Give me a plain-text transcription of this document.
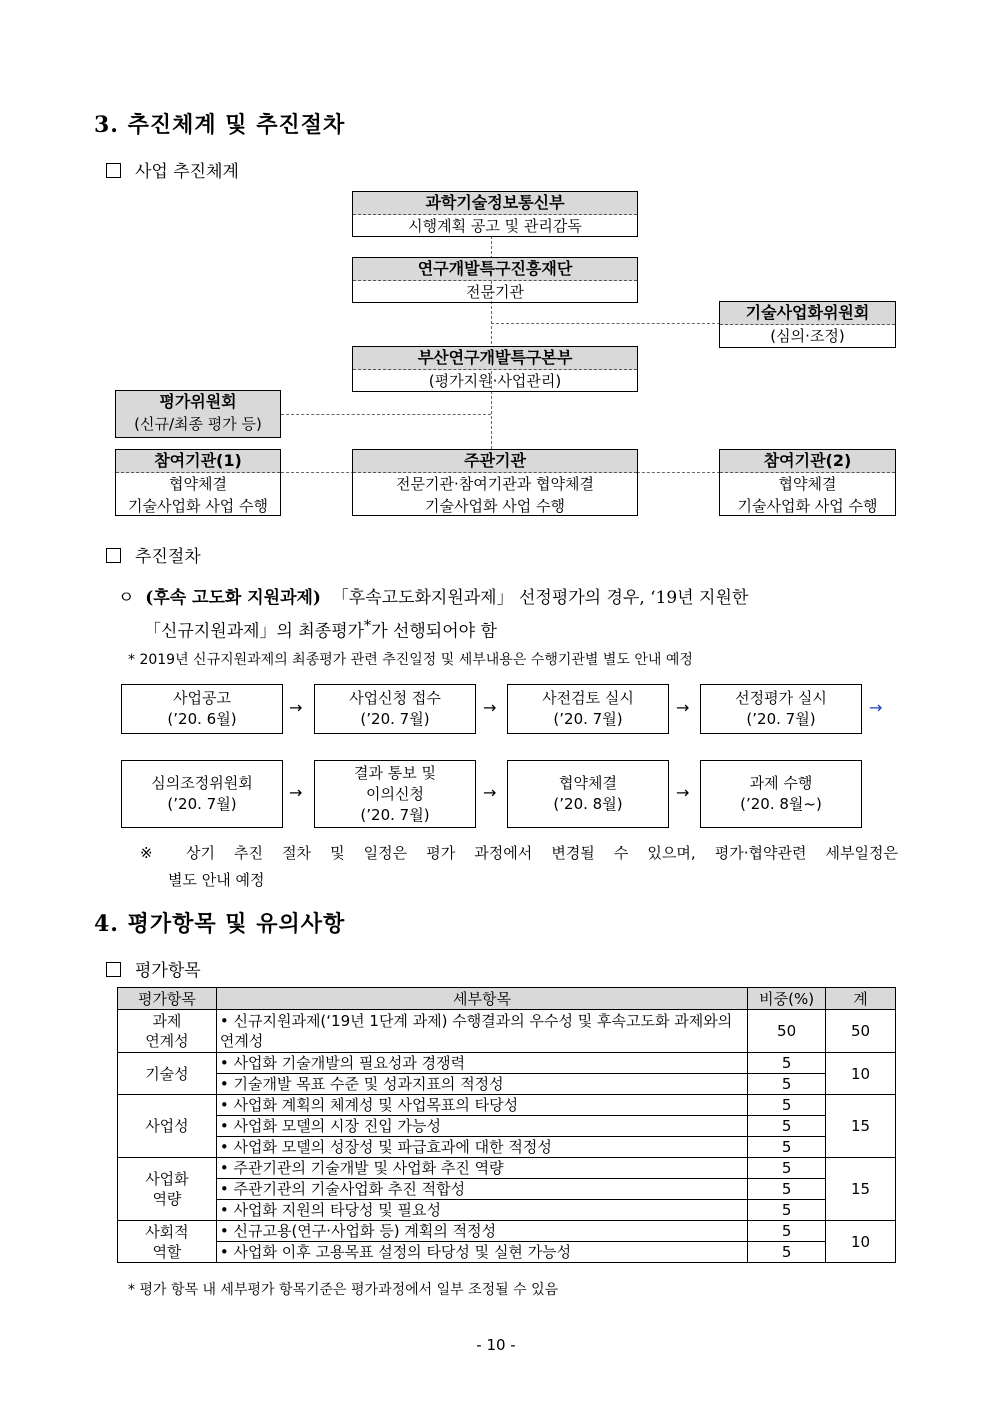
3. 추진체계 및 추진절차
사업 추진체계
과학기술정보통신부
시행계획 공고 및 관리감독
연구개발특구진흥재단
전문기관
기술사업화위원회
(심의·조정)
부산연구개발특구본부
(평가지원·사업관리)
평가위원회
(신규/최종 평가 등)
참여기관(1)
협약체결
기술사업화 사업 수행
주관기관
전문기관·참여기관과 협약체결
기술사업화 사업 수행
참여기관(2)
협약체결
기술사업화 사업 수행
추진절차
ㅇ (후속 고도화 지원과제) 「후속고도화지원과제」 선정평가의 경우, ‘19년 지원한
「신규지원과제」의 최종평가*가 선행되어야 함
* 2019년 신규지원과제의 최종평가 관련 추진일정 및 세부내용은 수행기관별 별도 안내 예정
사업공고
(’20. 6월)
→	사업신청 접수
(’20. 7월)
→	사전검토 실시
(’20. 7월)
→	선정평가 실시
(’20. 7월)
→
심의조정위원회
(’20. 7월)
→
결과 통보 및
이의신청
(’20. 7월)
→	협약체결
(’20. 8월)
→	과제 수행
(’20. 8월~)
※ 상기 추진 절차 및 일정은 평가 과정에서 변경될 수 있으며, 평가·협약관련 세부일정은
별도 안내 예정
4. 평가항목 및 유의사항
평가항목
평가항목	세부항목	비중(%)	계

과제
연계성	• 신규지원과제(‘19년 1단계 과제) 수행결과의 우수성 및 후속고도화 과제와의 연계성	50	50
기술성	• 사업화 기술개발의 필요성과 경쟁력	5	10
	• 기술개발 목표 수준 및 성과지표의 적정성	5	
사업성	• 사업화 계획의 체계성 및 사업목표의 타당성	5	15
	• 사업화 모델의 시장 진입 가능성	5	
	• 사업화 모델의 성장성 및 파급효과에 대한 적정성	5	

사업화
역량	• 주관기관의 기술개발 및 사업화 추진 역량	5	15
	• 주관기관의 기술사업화 추진 적합성	5	
	• 사업화 지원의 타당성 및 필요성	5	

사회적
역할	• 신규고용(연구·사업화 등) 계획의 적정성	5	10
	• 사업화 이후 고용목표 설정의 타당성 및 실현 가능성	5	
* 평가 항목 내 세부평가 항목기준은 평가과정에서 일부 조정될 수 있음
- 10 -
